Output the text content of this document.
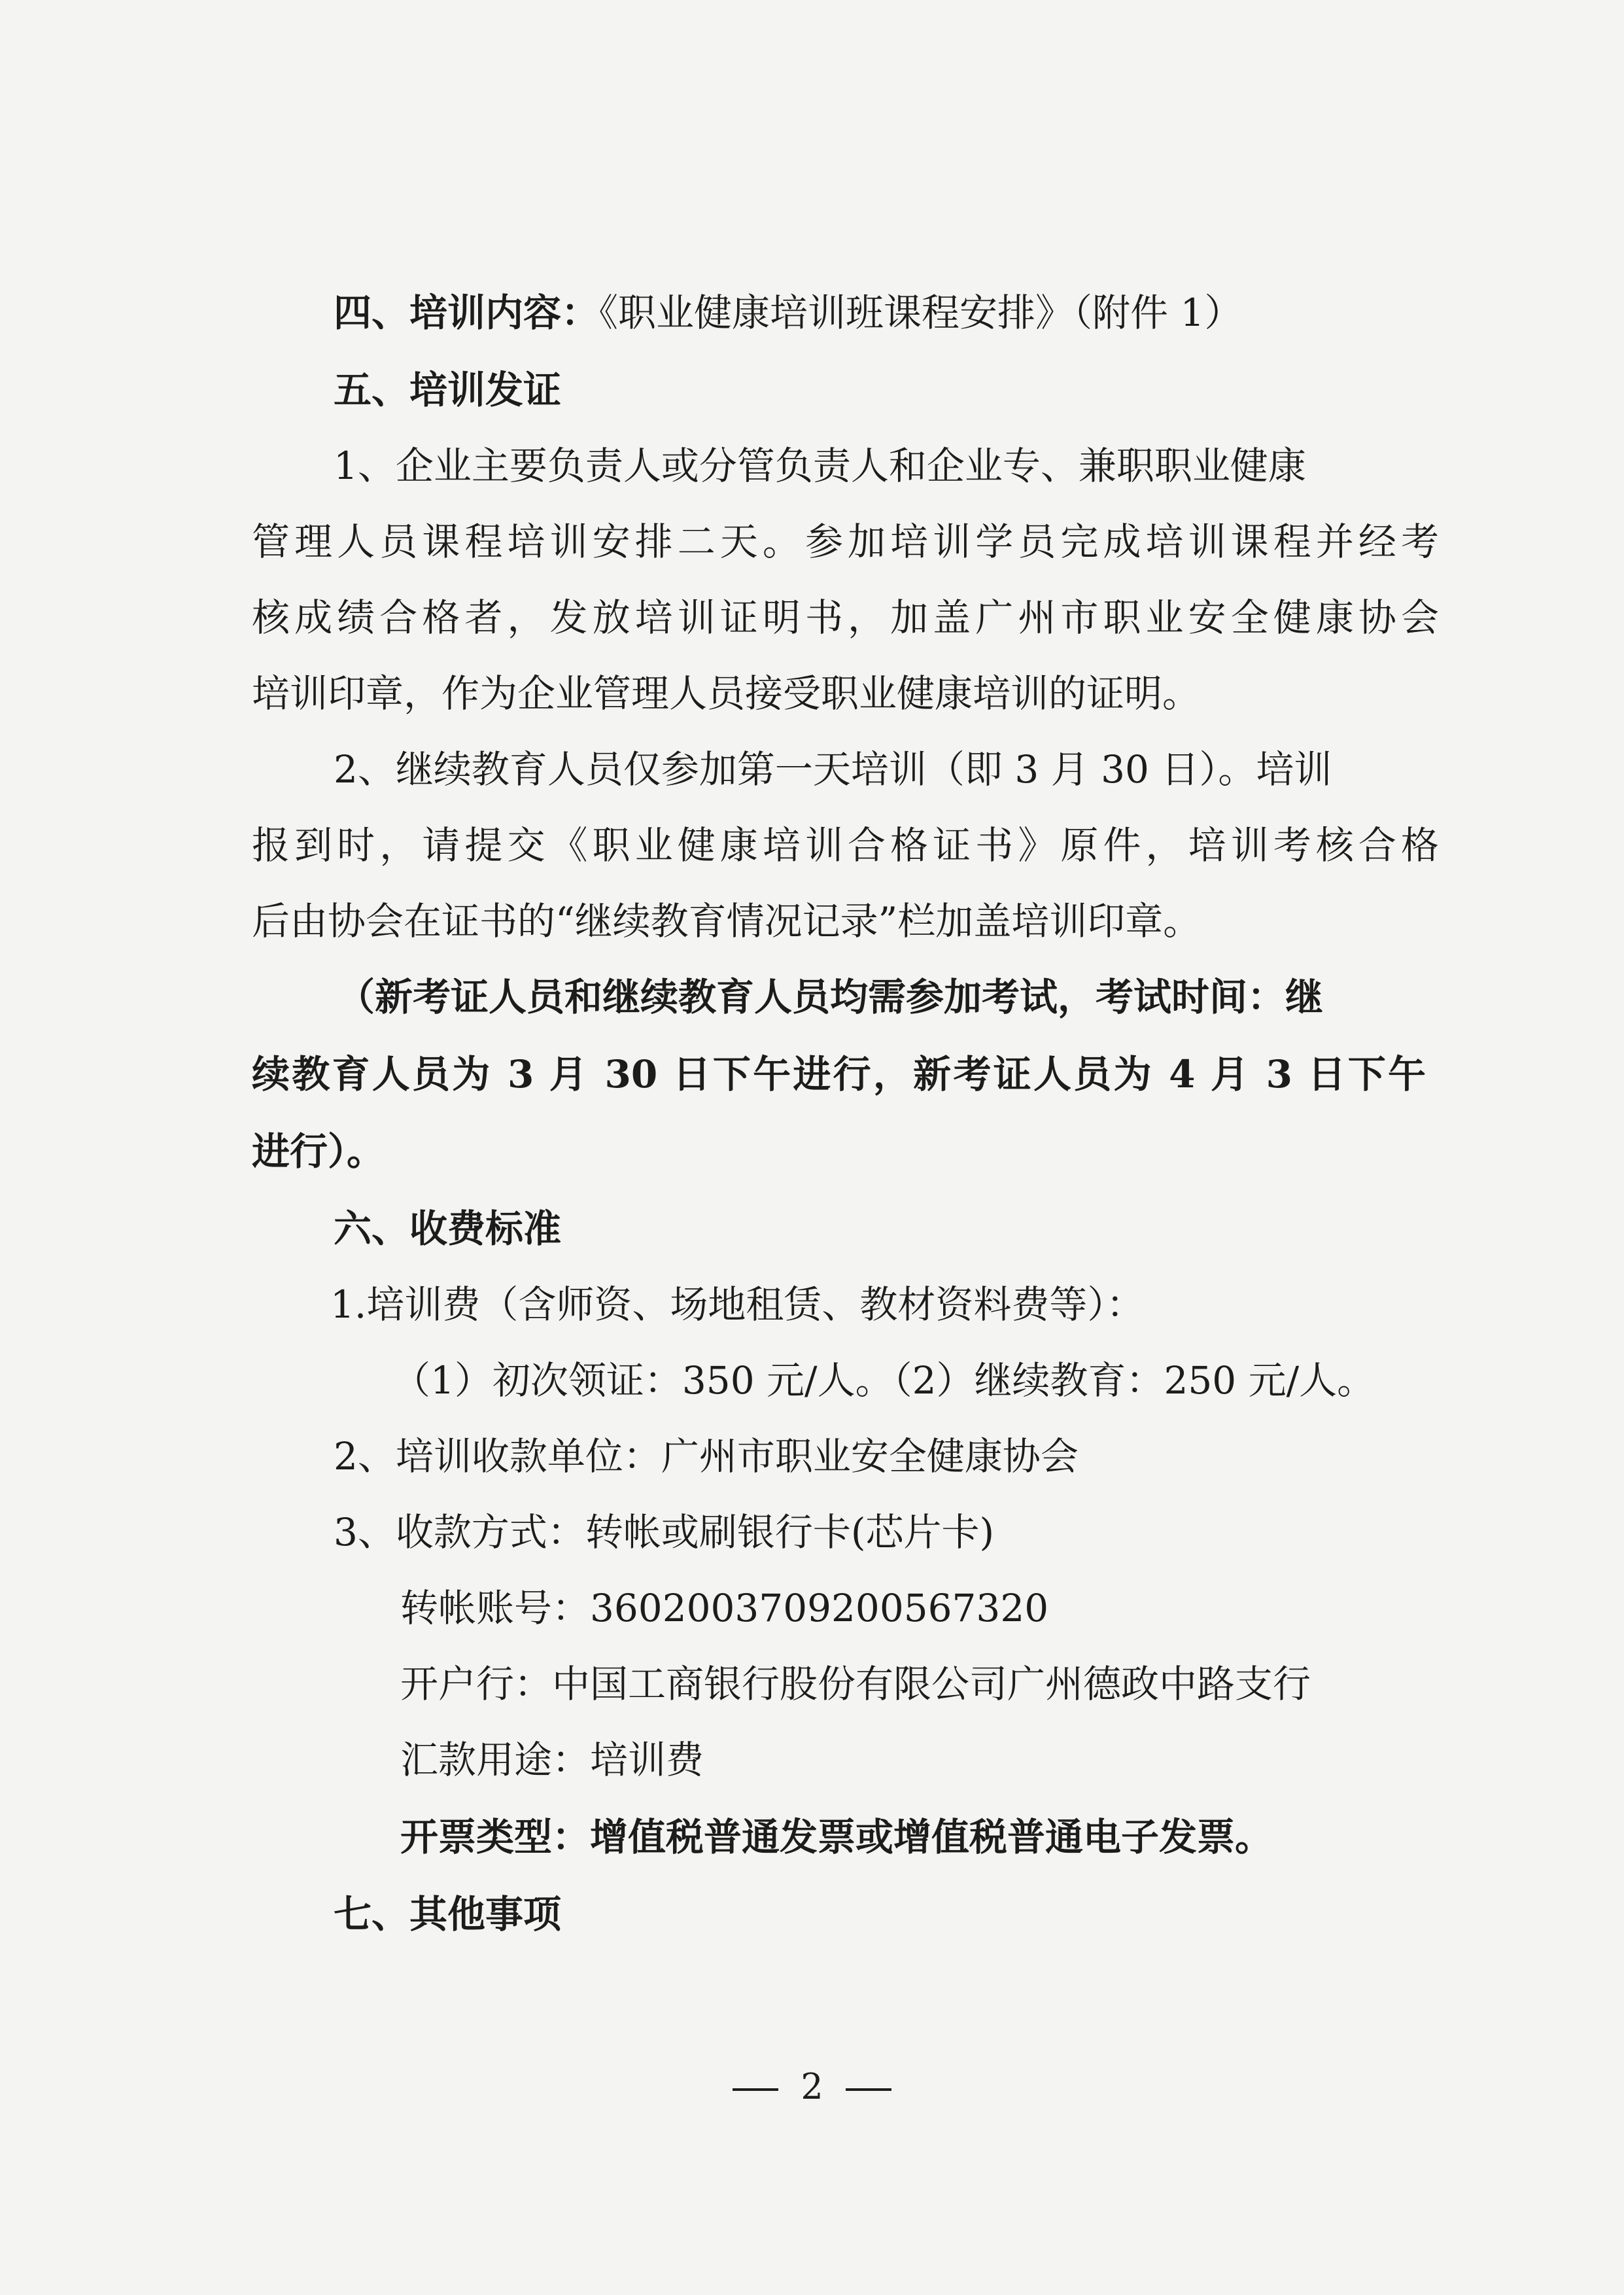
四、培训内容：《职业健康培训班课程安排》（附件 1）
五、培训发证
1、企业主要负责人或分管负责人和企业专、兼职职业健康
管理人员课程培训安排二天。参加培训学员完成培训课程并经考
核成绩合格者，发放培训证明书，加盖广州市职业安全健康协会
培训印章，作为企业管理人员接受职业健康培训的证明。
2、继续教育人员仅参加第一天培训（即 3 月 30 日）。培训
报到时，请提交《职业健康培训合格证书》原件，培训考核合格
后由协会在证书的“继续教育情况记录”栏加盖培训印章。
（新考证人员和继续教育人员均需参加考试，考试时间：继
续教育人员为 3 月 30 日下午进行，新考证人员为 4 月 3 日下午
进行）。
六、收费标准
1.培训费（含师资、场地租赁、教材资料费等）：
（1）初次领证：350 元/人。（2）继续教育：250 元/人。
2、培训收款单位：广州市职业安全健康协会
3、收款方式：转帐或刷银行卡(芯片卡)
转帐账号：3602003709200567320
开户行：中国工商银行股份有限公司广州德政中路支行
汇款用途：培训费
开票类型：增值税普通发票或增值税普通电子发票。
七、其他事项
2
